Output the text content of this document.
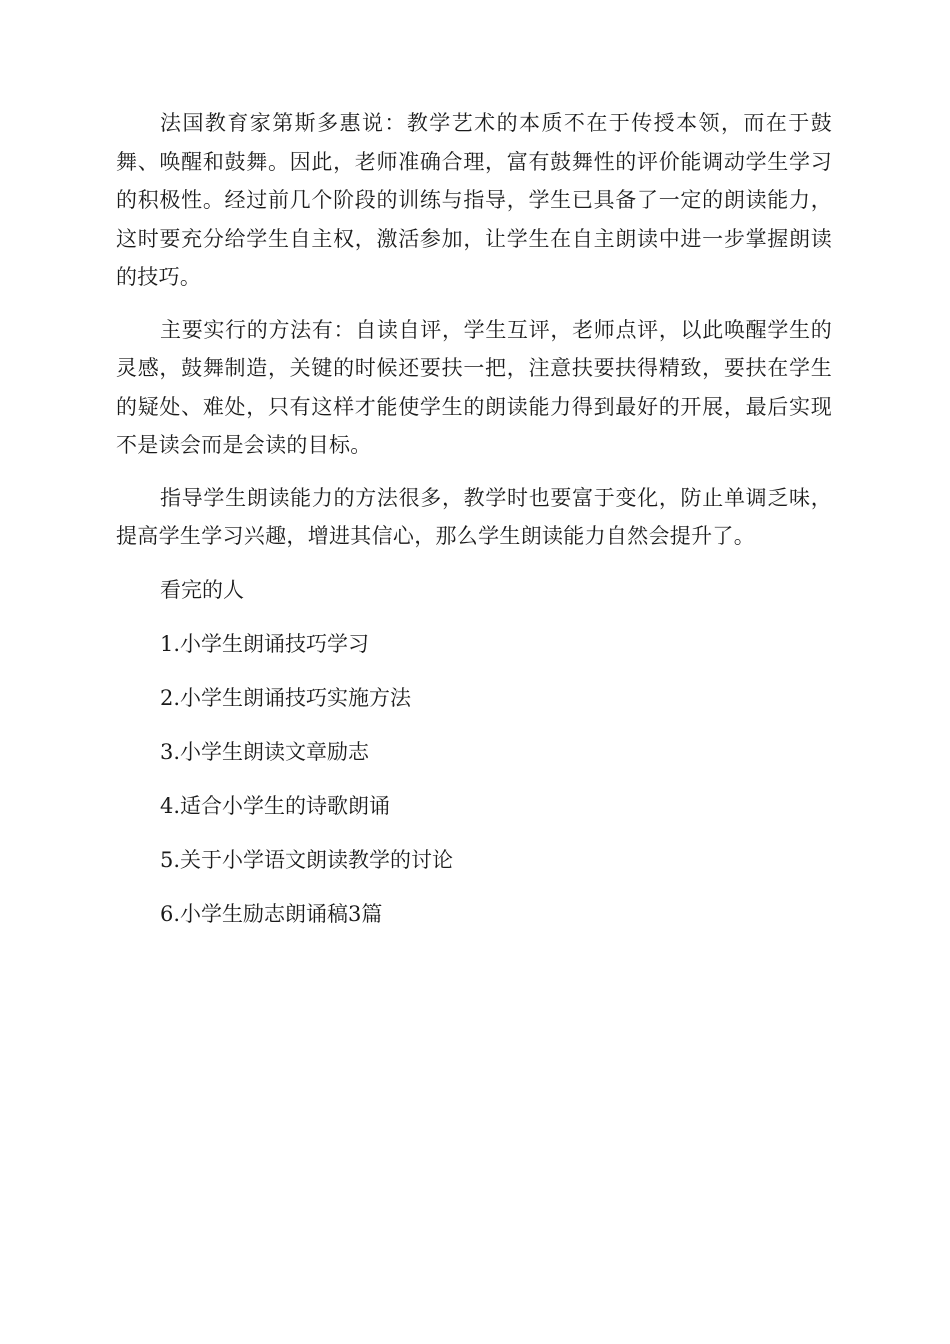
法国教育家第斯多惠说：教学艺术的本质不在于传授本领，而在于鼓舞、唤醒和鼓舞。因此，老师准确合理，富有鼓舞性的评价能调动学生学习的积极性。经过前几个阶段的训练与指导，学生已具备了一定的朗读能力，这时要充分给学生自主权，激活参加，让学生在自主朗读中进一步掌握朗读的技巧。

主要实行的方法有：自读自评，学生互评，老师点评，以此唤醒学生的灵感，鼓舞制造，关键的时候还要扶一把，注意扶要扶得精致，要扶在学生的疑处、难处，只有这样才能使学生的朗读能力得到最好的开展，最后实现不是读会而是会读的目标。

指导学生朗读能力的方法很多，教学时也要富于变化，防止单调乏味，提高学生学习兴趣，增进其信心，那么学生朗读能力自然会提升了。

看完的人
1.小学生朗诵技巧学习
2.小学生朗诵技巧实施方法
3.小学生朗读文章励志
4.适合小学生的诗歌朗诵
5.关于小学语文朗读教学的讨论
6.小学生励志朗诵稿3篇
